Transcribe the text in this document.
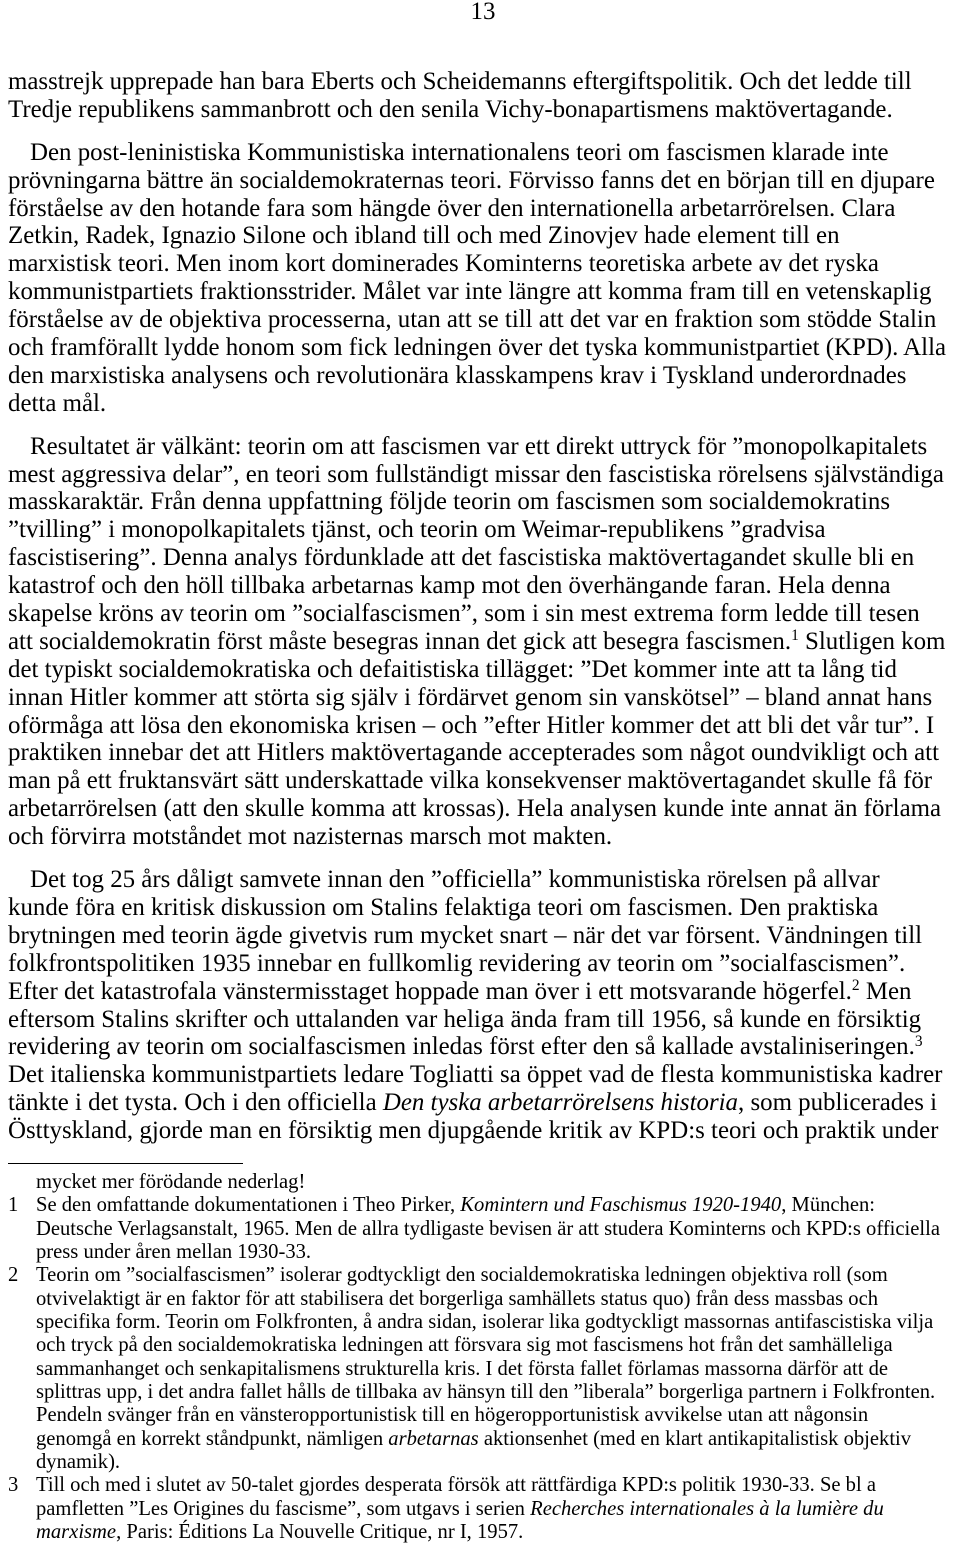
13
masstrejk upprepade han bara Eberts och Scheidemanns eftergiftspolitik. Och det ledde till
Tredje republikens sammanbrott och den senila Vichy-bonapartismens maktövertagande.
Den post-leninistiska Kommunistiska internationalens teori om fascismen klarade inte
prövningarna bättre än socialdemokraternas teori. Förvisso fanns det en början till en djupare
förståelse av den hotande fara som hängde över den internationella arbetarrörelsen. Clara
Zetkin, Radek, Ignazio Silone och ibland till och med Zinovjev hade element till en
marxistisk teori. Men inom kort dominerades Kominterns teoretiska arbete av det ryska
kommunistpartiets fraktionsstrider. Målet var inte längre att komma fram till en vetenskaplig
förståelse av de objektiva processerna, utan att se till att det var en fraktion som stödde Stalin
och framförallt lydde honom som fick ledningen över det tyska kommunistpartiet (KPD). Alla
den marxistiska analysens och revolutionära klasskampens krav i Tyskland underordnades
detta mål.
Resultatet är välkänt: teorin om att fascismen var ett direkt uttryck för ”monopolkapitalets
mest aggressiva delar”, en teori som fullständigt missar den fascistiska rörelsens självständiga
masskaraktär. Från denna uppfattning följde teorin om fascismen som socialdemokratins
”tvilling” i monopolkapitalets tjänst, och teorin om Weimar-republikens ”gradvisa
fascistisering”. Denna analys fördunklade att det fascistiska maktövertagandet skulle bli en
katastrof och den höll tillbaka arbetarnas kamp mot den överhängande faran. Hela denna
skapelse kröns av teorin om ”socialfascismen”, som i sin mest extrema form ledde till tesen
att socialdemokratin först måste besegras innan det gick att besegra fascismen.$^1$ Slutligen kom
det typiskt socialdemokratiska och defaitistiska tillägget: ”Det kommer inte att ta lång tid
innan Hitler kommer att störta sig själv i fördärvet genom sin vanskötsel” – bland annat hans
oförmåga att lösa den ekonomiska krisen – och ”efter Hitler kommer det att bli det vår tur”. I
praktiken innebar det att Hitlers maktövertagande accepterades som något oundvikligt och att
man på ett fruktansvärt sätt underskattade vilka konsekvenser maktövertagandet skulle få för
arbetarrörelsen (att den skulle komma att krossas). Hela analysen kunde inte annat än förlama
och förvirra motståndet mot nazisternas marsch mot makten.
Det tog 25 års dåligt samvete innan den ”officiella” kommunistiska rörelsen på allvar
kunde föra en kritisk diskussion om Stalins felaktiga teori om fascismen. Den praktiska
brytningen med teorin ägde givetvis rum mycket snart – när det var försent. Vändningen till
folkfrontspolitiken 1935 innebar en fullkomlig revidering av teorin om ”socialfascismen”.
Efter det katastrofala vänstermisstaget hoppade man över i ett motsvarande högerfel.$^2$ Men
eftersom Stalins skrifter och uttalanden var heliga ända fram till 1956, så kunde en försiktig
revidering av teorin om socialfascismen inledas först efter den så kallade avstaliniseringen.$^3$
Det italienska kommunistpartiets ledare Togliatti sa öppet vad de flesta kommunistiska kadrer
tänkte i det tysta. Och i den officiella Den tyska arbetarrörelsens historia, som publicerades i
Östtyskland, gjorde man en försiktig men djupgående kritik av KPD:s teori och praktik under
mycket mer förödande nederlag!
1 Se den omfattande dokumentationen i Theo Pirker, Komintern und Faschismus 1920-1940, München:
Deutsche Verlagsanstalt, 1965. Men de allra tydligaste bevisen är att studera Kominterns och KPD:s officiella
press under åren mellan 1930-33.
2 Teorin om ”socialfascismen” isolerar godtyckligt den socialdemokratiska ledningen objektiva roll (som
otvivelaktigt är en faktor för att stabilisera det borgerliga samhällets status quo) från dess massbas och
specifika form. Teorin om Folkfronten, å andra sidan, isolerar lika godtyckligt massornas antifascistiska vilja
och tryck på den socialdemokratiska ledningen att försvara sig mot fascismens hot från det samhälleliga
sammanhanget och senkapitalismens strukturella kris. I det första fallet förlamas massorna därför att de
splittras upp, i det andra fallet hålls de tillbaka av hänsyn till den ”liberala” borgerliga partnern i Folkfronten.
Pendeln svänger från en vänsteropportunistisk till en högeropportunistisk avvikelse utan att någonsin
genomgå en korrekt ståndpunkt, nämligen arbetarnas aktionsenhet (med en klart antikapitalistisk objektiv
dynamik).
3 Till och med i slutet av 50-talet gjordes desperata försök att rättfärdiga KPD:s politik 1930-33. Se bl a
pamfletten ”Les Origines du fascisme”, som utgavs i serien Recherches internationales à la lumière du
marxisme, Paris: Éditions La Nouvelle Critique, nr I, 1957.
